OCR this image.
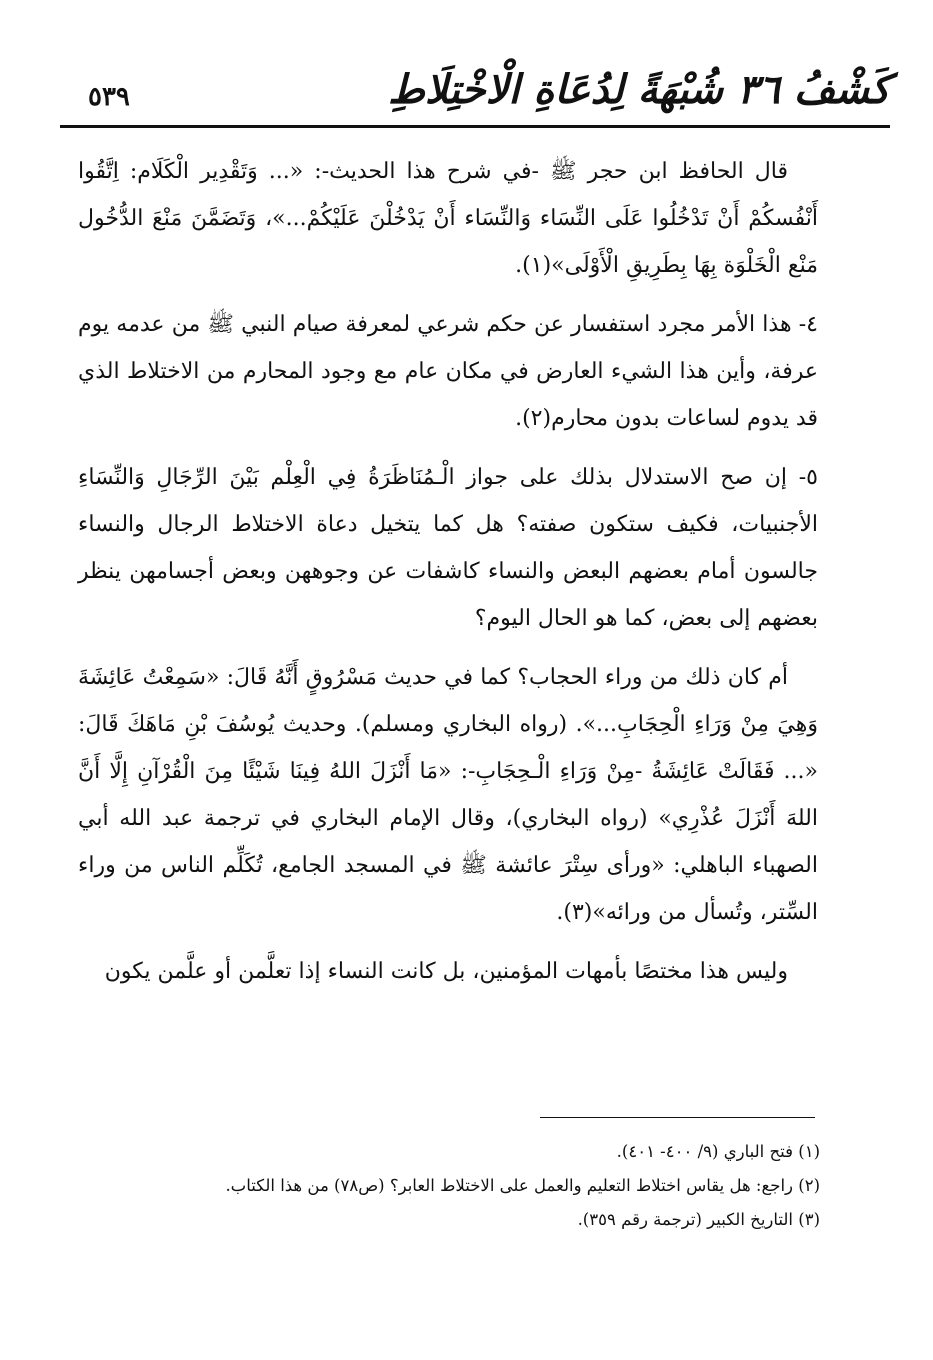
٥٣٩	كَشْفُ ٣٦ شُبْهَةً لِدُعَاةِ الْاخْتِلَاطِ

قال الحافظ ابن حجر ﷺ -في شرح هذا الحديث-: «... وَتَقْدِير الْكَلَام: اِتَّقُوا أَنْفُسكُمْ أَنْ تَدْخُلُوا عَلَى النِّسَاء وَالنِّسَاء أَنْ يَدْخُلْنَ عَلَيْكُمْ...»، وَتَضَمَّنَ مَنْعَ الدُّخُول مَنْع الْخَلْوَة بِهَا بِطَرِيقِ الْأَوْلَى»(١).

٤- هذا الأمر مجرد استفسار عن حكم شرعي لمعرفة صيام النبي ﷺ من عدمه يوم عرفة، وأين هذا الشيء العارض في مكان عام مع وجود المحارم من الاختلاط الذي قد يدوم لساعات بدون محارم(٢).

٥- إن صح الاستدلال بذلك على جواز الْـمُنَاظَرَةُ فِي الْعِلْم بَيْنَ الرِّجَالِ وَالنِّسَاءِ الأجنبيات، فكيف ستكون صفته؟ هل كما يتخيل دعاة الاختلاط الرجال والنساء جالسون أمام بعضهم البعض والنساء كاشفات عن وجوههن وبعض أجسامهن ينظر بعضهم إلى بعض، كما هو الحال اليوم؟

أم كان ذلك من وراء الحجاب؟ كما في حديث مَسْرُوقٍ أَنَّهُ قَالَ: «سَمِعْتُ عَائِشَةَ وَهِيَ مِنْ وَرَاءِ الْحِجَابِ...». (رواه البخاري ومسلم). وحديث يُوسُفَ بْنِ مَاهَكَ قَالَ: «... فَقَالَتْ عَائِشَةُ -مِنْ وَرَاءِ الْـحِجَابِ-: «مَا أَنْزَلَ اللهُ فِينَا شَيْئًا مِنَ الْقُرْآنِ إِلَّا أَنَّ اللهَ أَنْزَلَ عُذْرِي» (رواه البخاري)، وقال الإمام البخاري في ترجمة عبد الله أبي الصهباء الباهلي: «ورأى سِتْرَ عائشة ﷺ في المسجد الجامع، تُكَلِّم الناس من وراء السِّتر، وتُسأل من ورائه»(٣).

وليس هذا مختصًا بأمهات المؤمنين، بل كانت النساء إذا تعلَّمن أو علَّمن يكون

(١) فتح الباري (٩/ ٤٠٠- ٤٠١).
(٢) راجع: هل يقاس اختلاط التعليم والعمل على الاختلاط العابر؟ (ص٧٨) من هذا الكتاب.
(٣) التاريخ الكبير (ترجمة رقم ٣٥٩).
